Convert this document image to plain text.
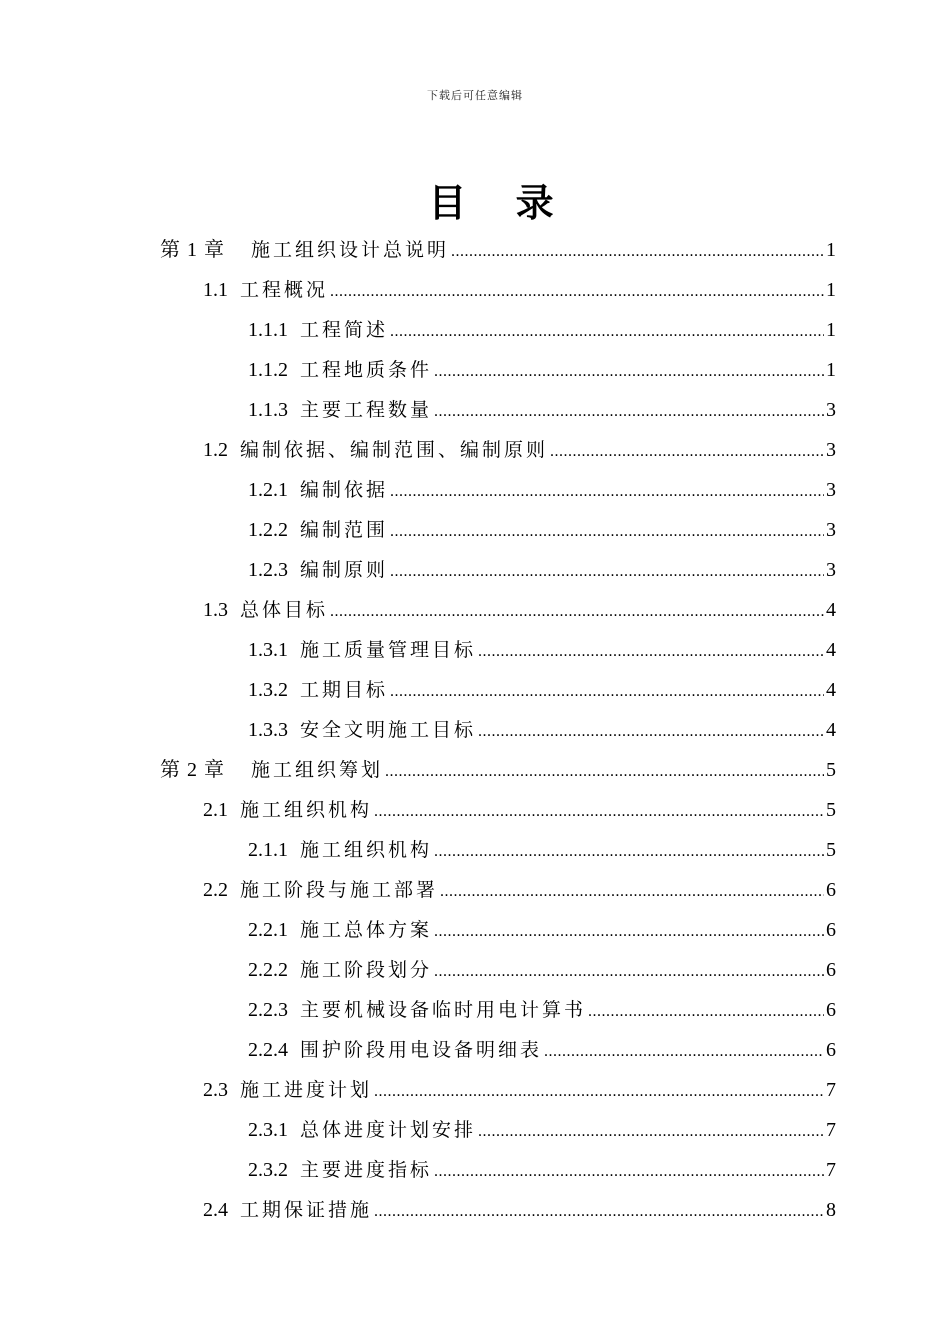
下载后可任意编辑
目 录
第 1 章 施工组织设计总说明 .....	1
1.1 工程概况 .....	1
1.1.1 工程简述 .....	1
1.1.2 工程地质条件 .....	1
1.1.3 主要工程数量 .....	3
1.2 编制依据、编制范围、编制原则 .....	3
1.2.1 编制依据 .....	3
1.2.2 编制范围 .....	3
1.2.3 编制原则 .....	3
1.3 总体目标 .....	4
1.3.1 施工质量管理目标 .....	4
1.3.2 工期目标 .....	4
1.3.3 安全文明施工目标 .....	4
第 2 章 施工组织筹划 .....	5
2.1 施工组织机构 .....	5
2.1.1 施工组织机构 .....	5
2.2 施工阶段与施工部署 .....	6
2.2.1 施工总体方案 .....	6
2.2.2 施工阶段划分 .....	6
2.2.3 主要机械设备临时用电计算书 .....	6
2.2.4 围护阶段用电设备明细表 .....	6
2.3 施工进度计划 .....	7
2.3.1 总体进度计划安排 .....	7
2.3.2 主要进度指标 .....	7
2.4 工期保证措施 .....	8
